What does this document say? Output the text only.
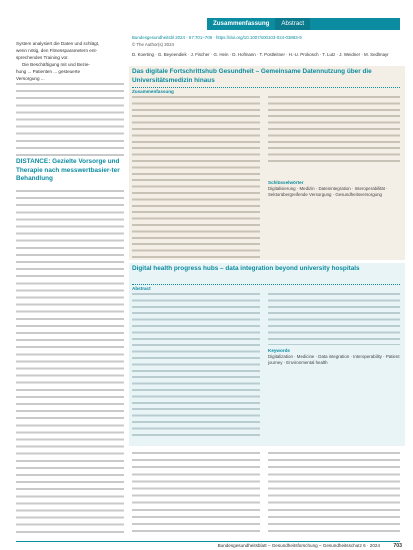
Zusammenfassung	Abstract

System analysiert die Daten und schlägt,

wenn nötig, den Fitnessparametern ent-

sprechendes Training vor.

Die Beschäftigung mit und Bezie-

hung ... Patienten ... gesteuerte

Versorgung ...

DISTANCE: Gezielte Vorsorge und Therapie nach messwertbasier-ter Behandlung
Bundesgesundheitsbl 2024 · 67:701–709 · https://doi.org/10.1007/s00103-024-03883-9
© The Author(s) 2024
D. Koerting · G. Beyeendiek · J. Fischer · G. Hein · D. Hofmann · T. Postleitner · H.-U. Prokosch · T. Lutz · J. Weidner · M. Sedlmayr
Das digitale Fortschrittshub Gesundheit – Gemeinsame Datennutzung über die Universitätsmedizin hinaus
Zusammenfassung
Schlüsselwörter
Digitalisierung · Medizin · Datenintegration · Interoperabilität · Sektorübergreifende Versorgung · Gesundheitsversorgung
Digital health progress hubs – data integration beyond university hospitals
Abstract
Keywords
Digitalization · Medicine · Data integration · Interoperability · Patient journey · Environmental health
Bundesgesundheitsblatt – Gesundheitsforschung – Gesundheitsschutz 6 · 2024	703
